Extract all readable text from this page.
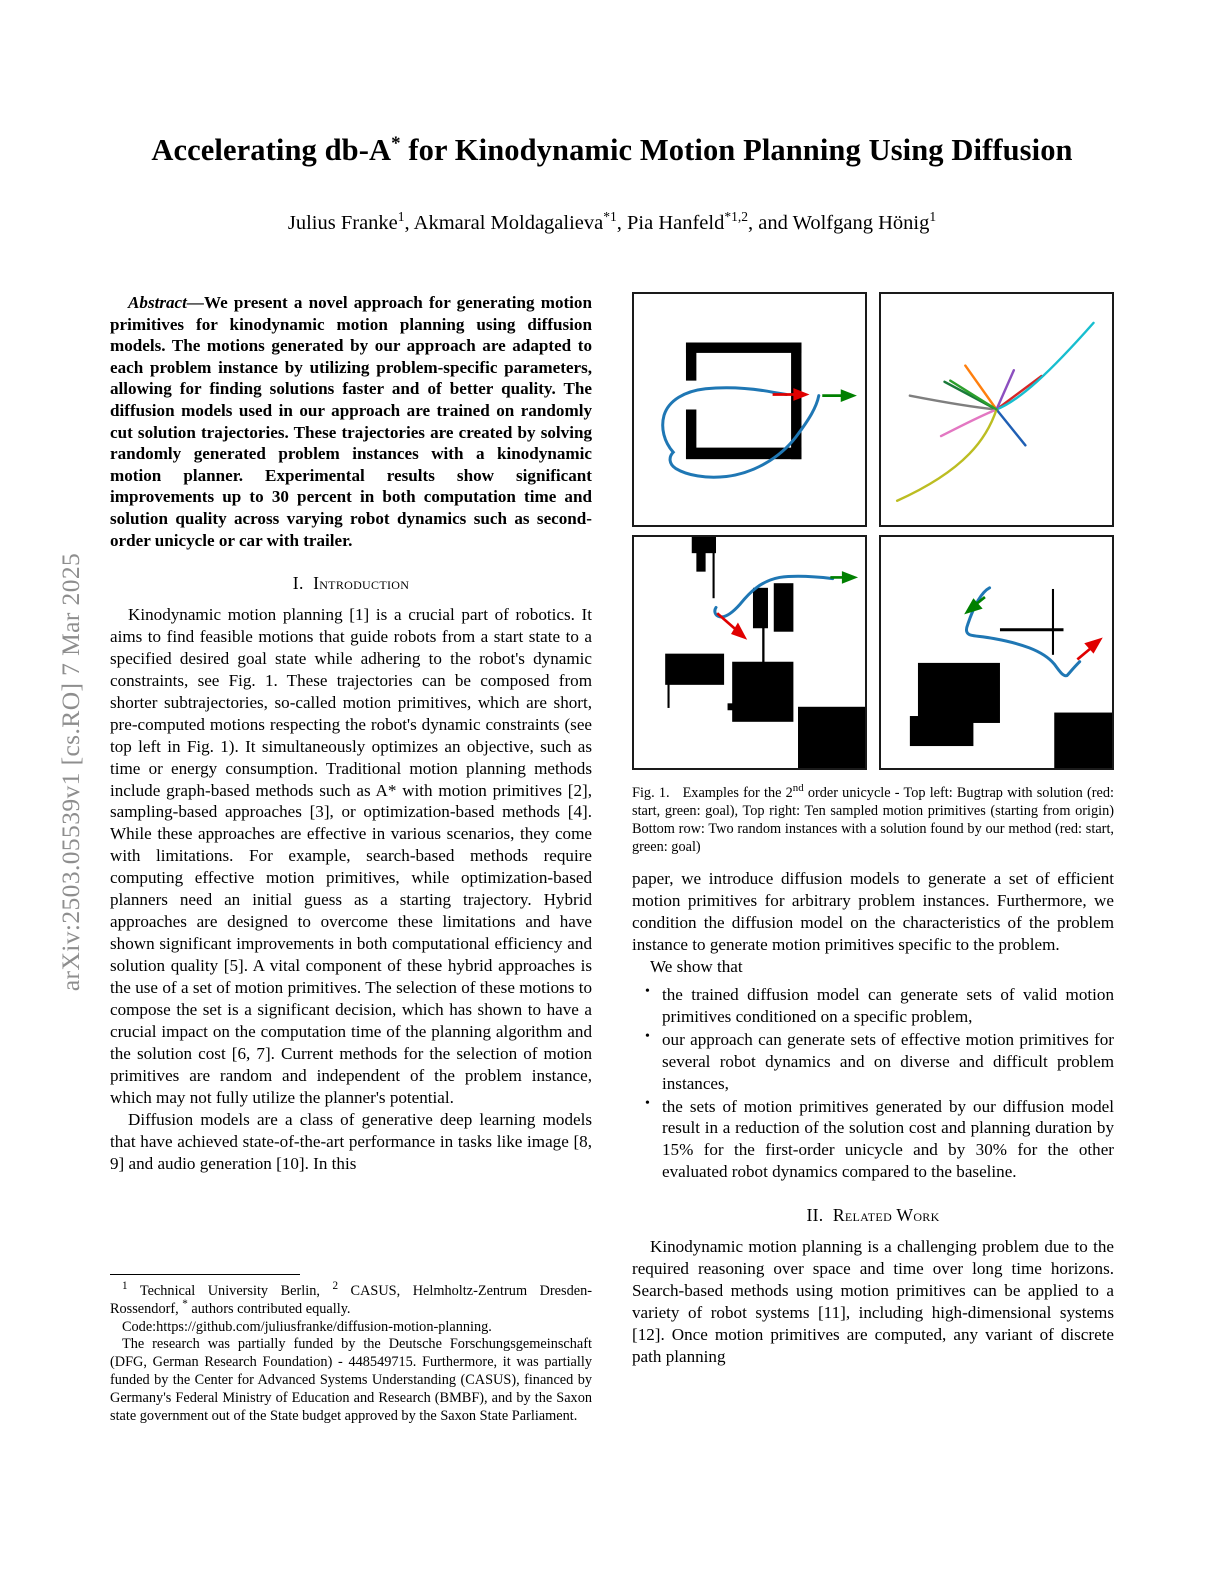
arXiv:2503.05539v1 [cs.RO] 7 Mar 2025
Accelerating db-A* for Kinodynamic Motion Planning Using Diffusion
Julius Franke$^1$, Akmaral Moldagalieva$^{*1}$, Pia Hanfeld$^{*1,2}$, and Wolfgang Hönig$^1$

Abstract—We present a novel approach for generating motion primitives for kinodynamic motion planning using diffusion models. The motions generated by our approach are adapted to each problem instance by utilizing problem-specific parameters, allowing for finding solutions faster and of better quality. The diffusion models used in our approach are trained on randomly cut solution trajectories. These trajectories are created by solving randomly generated problem instances with a kinodynamic motion planner. Experimental results show significant improvements up to 30 percent in both computation time and solution quality across varying robot dynamics such as second-order unicycle or car with trailer.

I. Introduction

Kinodynamic motion planning [1] is a crucial part of robotics. It aims to find feasible motions that guide robots from a start state to a specified desired goal state while adhering to the robot's dynamic constraints, see Fig. 1. These trajectories can be composed from shorter subtrajectories, so-called motion primitives, which are short, pre-computed motions respecting the robot's dynamic constraints (see top left in Fig. 1). It simultaneously optimizes an objective, such as time or energy consumption. Traditional motion planning methods include graph-based methods such as A* with motion primitives [2], sampling-based approaches [3], or optimization-based methods [4]. While these approaches are effective in various scenarios, they come with limitations. For example, search-based methods require computing effective motion primitives, while optimization-based planners need an initial guess as a starting trajectory. Hybrid approaches are designed to overcome these limitations and have shown significant improvements in both computational efficiency and solution quality [5]. A vital component of these hybrid approaches is the use of a set of motion primitives. The selection of these motions to compose the set is a significant decision, which has shown to have a crucial impact on the computation time of the planning algorithm and the solution cost [6, 7]. Current methods for the selection of motion primitives are random and independent of the problem instance, which may not fully utilize the planner's potential.

Diffusion models are a class of generative deep learning models that have achieved state-of-the-art performance in tasks like image [8, 9] and audio generation [10]. In this

$^1$ Technical University Berlin, $^2$ CASUS, Helmholtz-Zentrum Dresden-Rossendorf, * authors contributed equally.

Code:https://github.com/juliusfranke/diffusion-motion-planning.

The research was partially funded by the Deutsche Forschungsgemeinschaft (DFG, German Research Foundation) - 448549715. Furthermore, it was partially funded by the Center for Advanced Systems Understanding (CASUS), financed by Germany's Federal Ministry of Education and Research (BMBF), and by the Saxon state government out of the State budget approved by the Saxon State Parliament.

Fig. 1. Examples for the 2nd order unicycle - Top left: Bugtrap with solution (red: start, green: goal), Top right: Ten sampled motion primitives (starting from origin) Bottom row: Two random instances with a solution found by our method (red: start, green: goal)

paper, we introduce diffusion models to generate a set of efficient motion primitives for arbitrary problem instances. Furthermore, we condition the diffusion model on the characteristics of the problem instance to generate motion primitives specific to the problem.

We show that

• the trained diffusion model can generate sets of valid motion primitives conditioned on a specific problem,
• our approach can generate sets of effective motion primitives for several robot dynamics and on diverse and difficult problem instances,
• the sets of motion primitives generated by our diffusion model result in a reduction of the solution cost and planning duration by 15% for the first-order unicycle and by 30% for the other evaluated robot dynamics compared to the baseline.
II. Related Work

Kinodynamic motion planning is a challenging problem due to the required reasoning over space and time over long time horizons. Search-based methods using motion primitives can be applied to a variety of robot systems [11], including high-dimensional systems [12]. Once motion primitives are computed, any variant of discrete path planning
